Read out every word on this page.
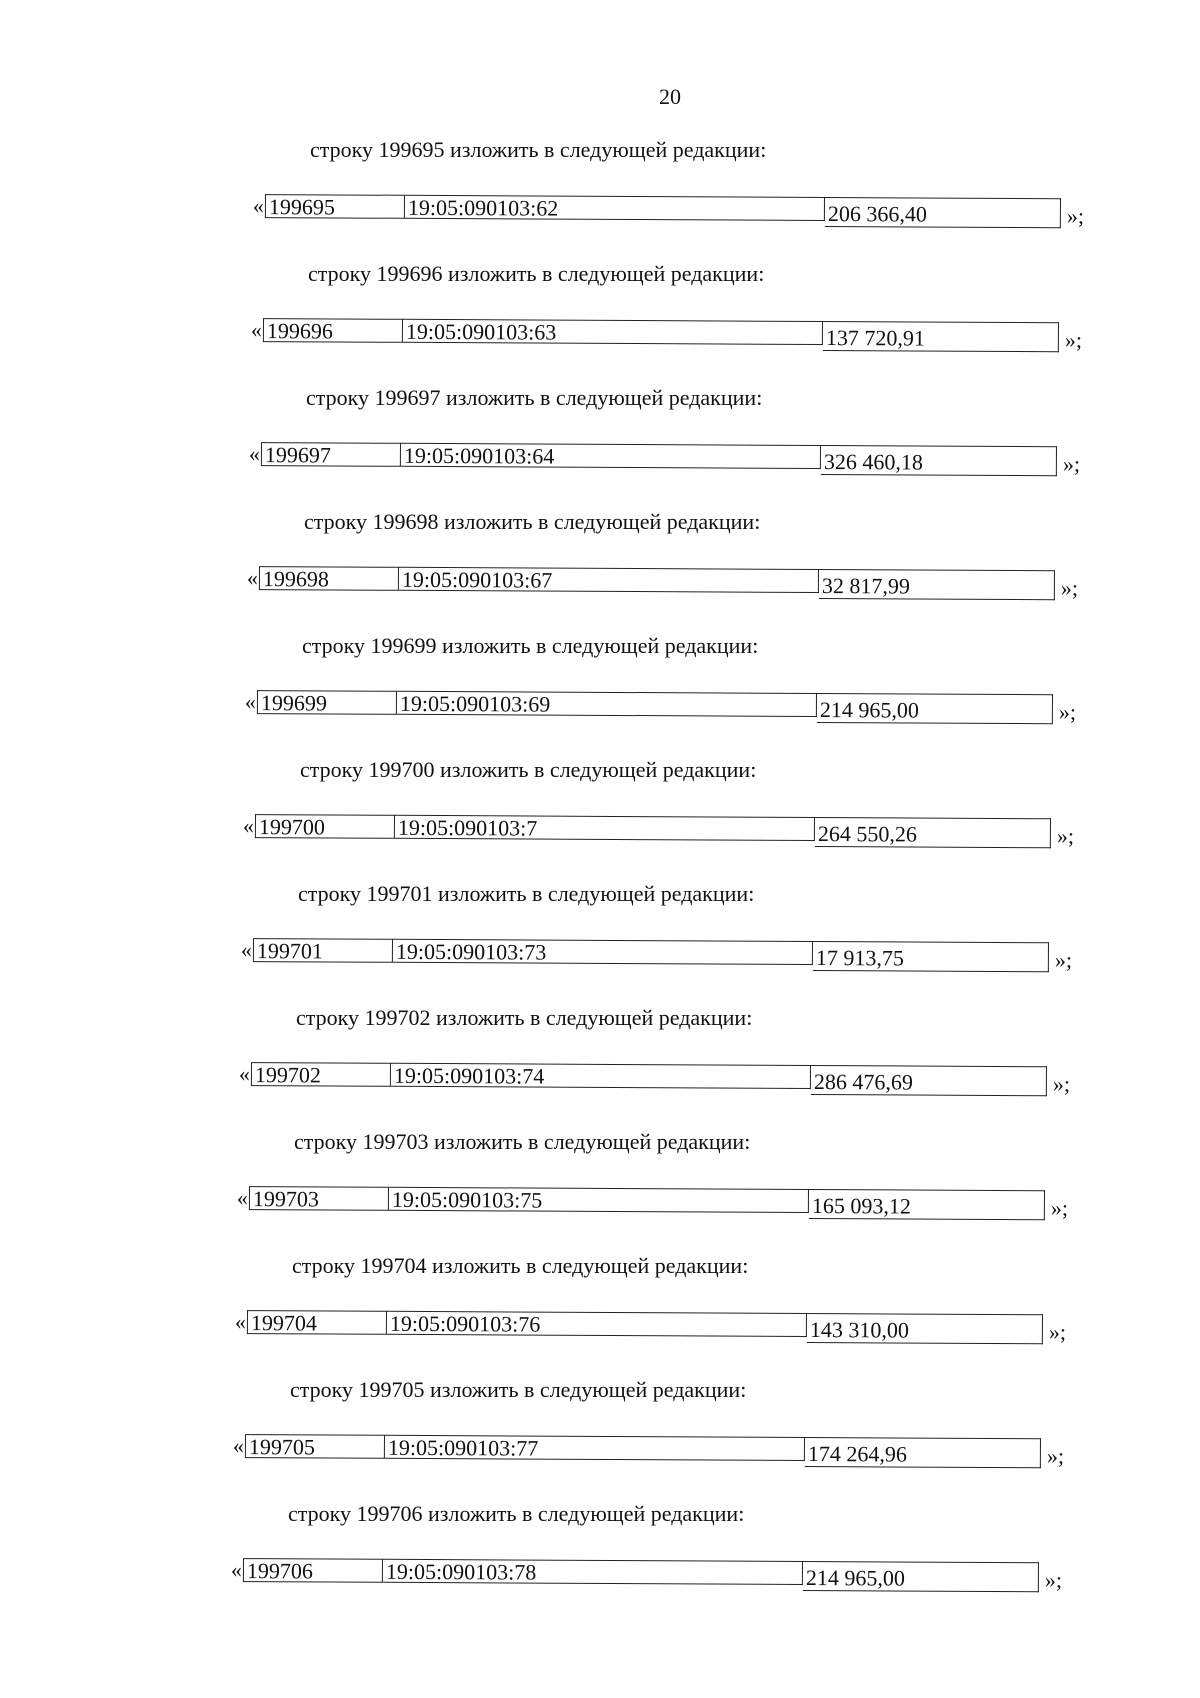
20
строку 199695 изложить в следующей редакции:
« 199695	19:05:090103:62	206 366,40	»;
строку 199696 изложить в следующей редакции:
« 199696	19:05:090103:63	137 720,91	»;
строку 199697 изложить в следующей редакции:
« 199697	19:05:090103:64	326 460,18	»;
строку 199698 изложить в следующей редакции:
« 199698	19:05:090103:67	32 817,99	»;
строку 199699 изложить в следующей редакции:
« 199699	19:05:090103:69	214 965,00	»;
строку 199700 изложить в следующей редакции:
« 199700	19:05:090103:7	264 550,26	»;
строку 199701 изложить в следующей редакции:
« 199701	19:05:090103:73	17 913,75	»;
строку 199702 изложить в следующей редакции:
« 199702	19:05:090103:74	286 476,69	»;
строку 199703 изложить в следующей редакции:
« 199703	19:05:090103:75	165 093,12	»;
строку 199704 изложить в следующей редакции:
« 199704	19:05:090103:76	143 310,00	»;
строку 199705 изложить в следующей редакции:
« 199705	19:05:090103:77	174 264,96	»;
строку 199706 изложить в следующей редакции:
« 199706	19:05:090103:78	214 965,00	»;
